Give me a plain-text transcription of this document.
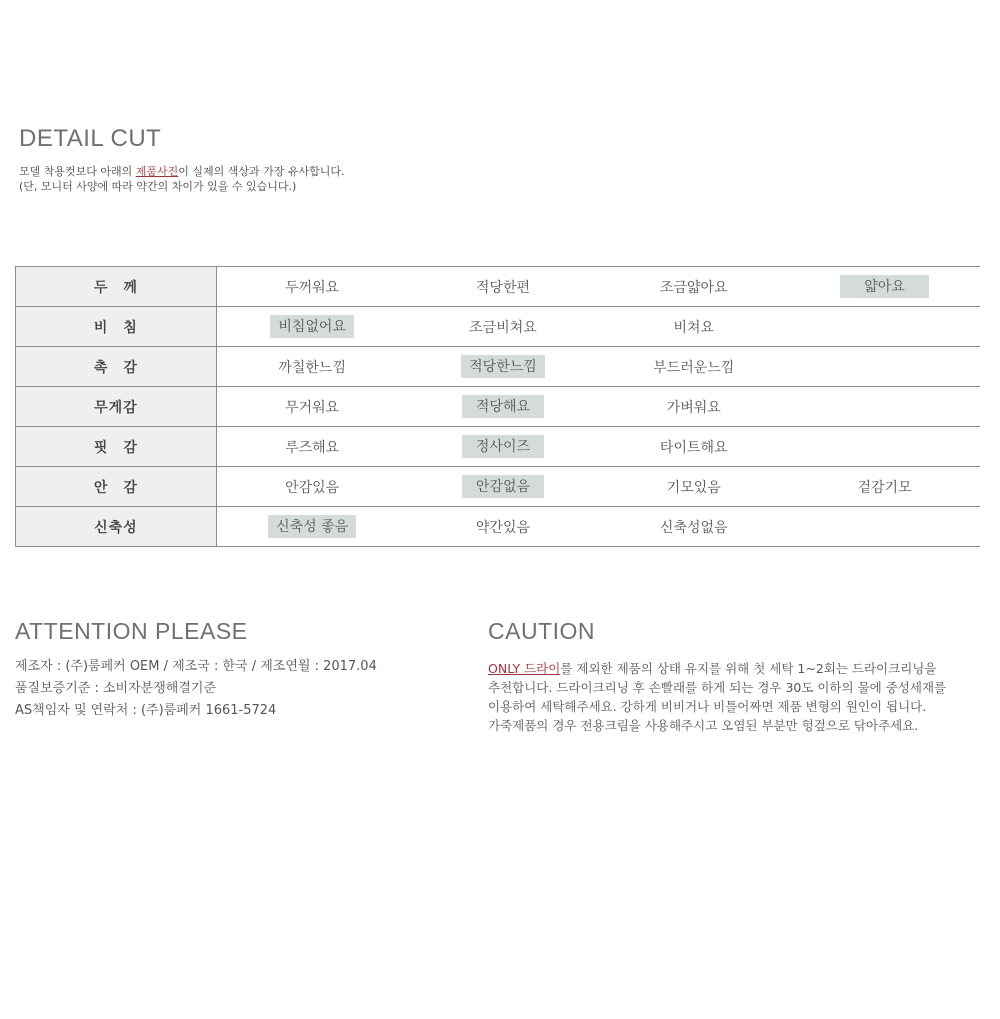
DETAIL CUT
모델 착용컷보다 아래의 제품사진이 실제의 색상과 가장 유사합니다.
(단, 모니터 사양에 따라 약간의 차이가 있을 수 있습니다.)
두　께	두꺼워요	적당한편	조금얇아요	얇아요
비　침	비침없어요	조금비쳐요	비쳐요	
촉　감	까칠한느낌	적당한느낌	부드러운느낌	
무게감	무거워요	적당해요	가벼워요	
핏　감	루즈해요	정사이즈	타이트해요	
안　감	안감있음	안감없음	기모있음	겉감기모
신축성	신축성 좋음	약간있음	신축성없음	
ATTENTION PLEASE
제조자 : (주)룸페커 OEM / 제조국 : 한국 / 제조연월 : 2017.04
품질보증기준 : 소비자분쟁해결기준
AS책임자 및 연락처 : (주)룸페커 1661-5724
CAUTION

ONLY 드라이를 제외한 제품의 상태 유지를 위해 첫 세탁 1~2회는 드라이크리닝을

추천합니다. 드라이크리닝 후 손빨래를 하게 되는 경우 30도 이하의 물에 중성세재를

이용하여 세탁해주세요. 강하게 비비거나 비틀어짜면 제품 변형의 원인이 됩니다.

가죽제품의 경우 전용크림을 사용해주시고 오염된 부분만 헝겊으로 닦아주세요.
